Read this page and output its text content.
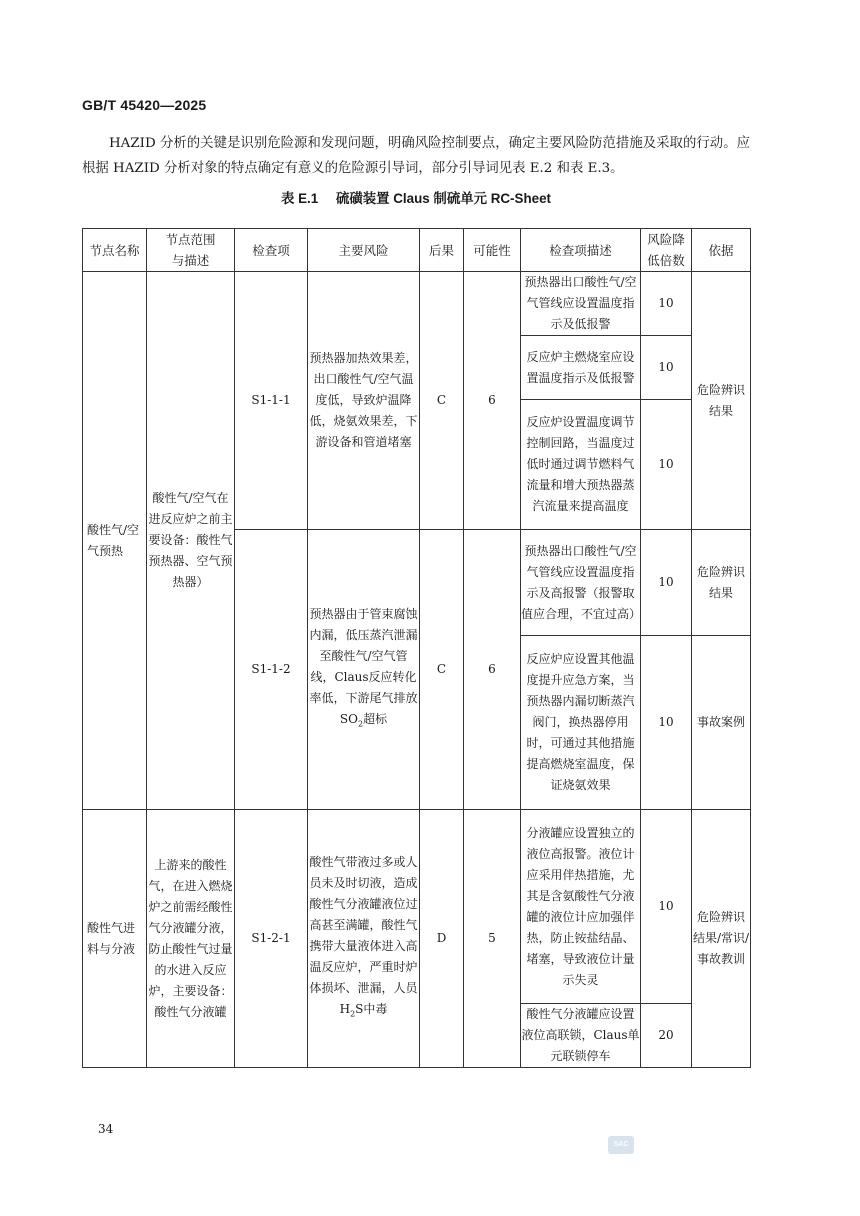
GB/T 45420—2025

HAZID 分析的关键是识别危险源和发现问题，明确风险控制要点，确定主要风险防范措施及采取的行动。应根据 HAZID 分析对象的特点确定有意义的危险源引导词，部分引导词见表 E.2 和表 E.3。

表 E.1 硫磺装置 Claus 制硫单元 RC-Sheet
节点名称	节点范围与描述	检查项	主要风险	后果	可能性	检查项描述	风险降低倍数	依据
酸性气/空气预热	酸性气/空气在进反应炉之前主要设备：酸性气预热器、空气预热器）	S1-1-1	预热器加热效果差，出口酸性气/空气温度低，导致炉温降低，烧氨效果差，下游设备和管道堵塞	C	6	预热器出口酸性气/空气管线应设置温度指示及低报警	10	危险辨识结果
						反应炉主燃烧室应设置温度指示及低报警	10	
						反应炉设置温度调节控制回路，当温度过低时通过调节燃料气流量和增大预热器蒸汽流量来提高温度	10	
		S1-1-2	预热器由于管束腐蚀内漏，低压蒸汽泄漏至酸性气/空气管线，Claus反应转化率低，下游尾气排放$SO_2$超标	C	6	预热器出口酸性气/空气管线应设置温度指示及高报警（报警取值应合理，不宜过高）	10	危险辨识结果
						反应炉应设置其他温度提升应急方案，当预热器内漏切断蒸汽阀门，换热器停用时，可通过其他措施提高燃烧室温度，保证烧氨效果	10	事故案例
酸性气进料与分液	上游来的酸性气，在进入燃烧炉之前需经酸性气分液罐分液，防止酸性气过量的水进入反应炉，主要设备：酸性气分液罐	S1-2-1	酸性气带液过多或人员未及时切液，造成酸性气分液罐液位过高甚至满罐，酸性气携带大量液体进入高温反应炉，严重时炉体损坏、泄漏，人员$H_2S$中毒	D	5	分液罐应设置独立的液位高报警。液位计应采用伴热措施，尤其是含氨酸性气分液罐的液位计应加强伴热，防止铵盐结晶、堵塞，导致液位计量示失灵	10	危险辨识结果/常识/事故教训
						酸性气分液罐应设置液位高联锁，Claus单元联锁停车	20	
34
SAC
